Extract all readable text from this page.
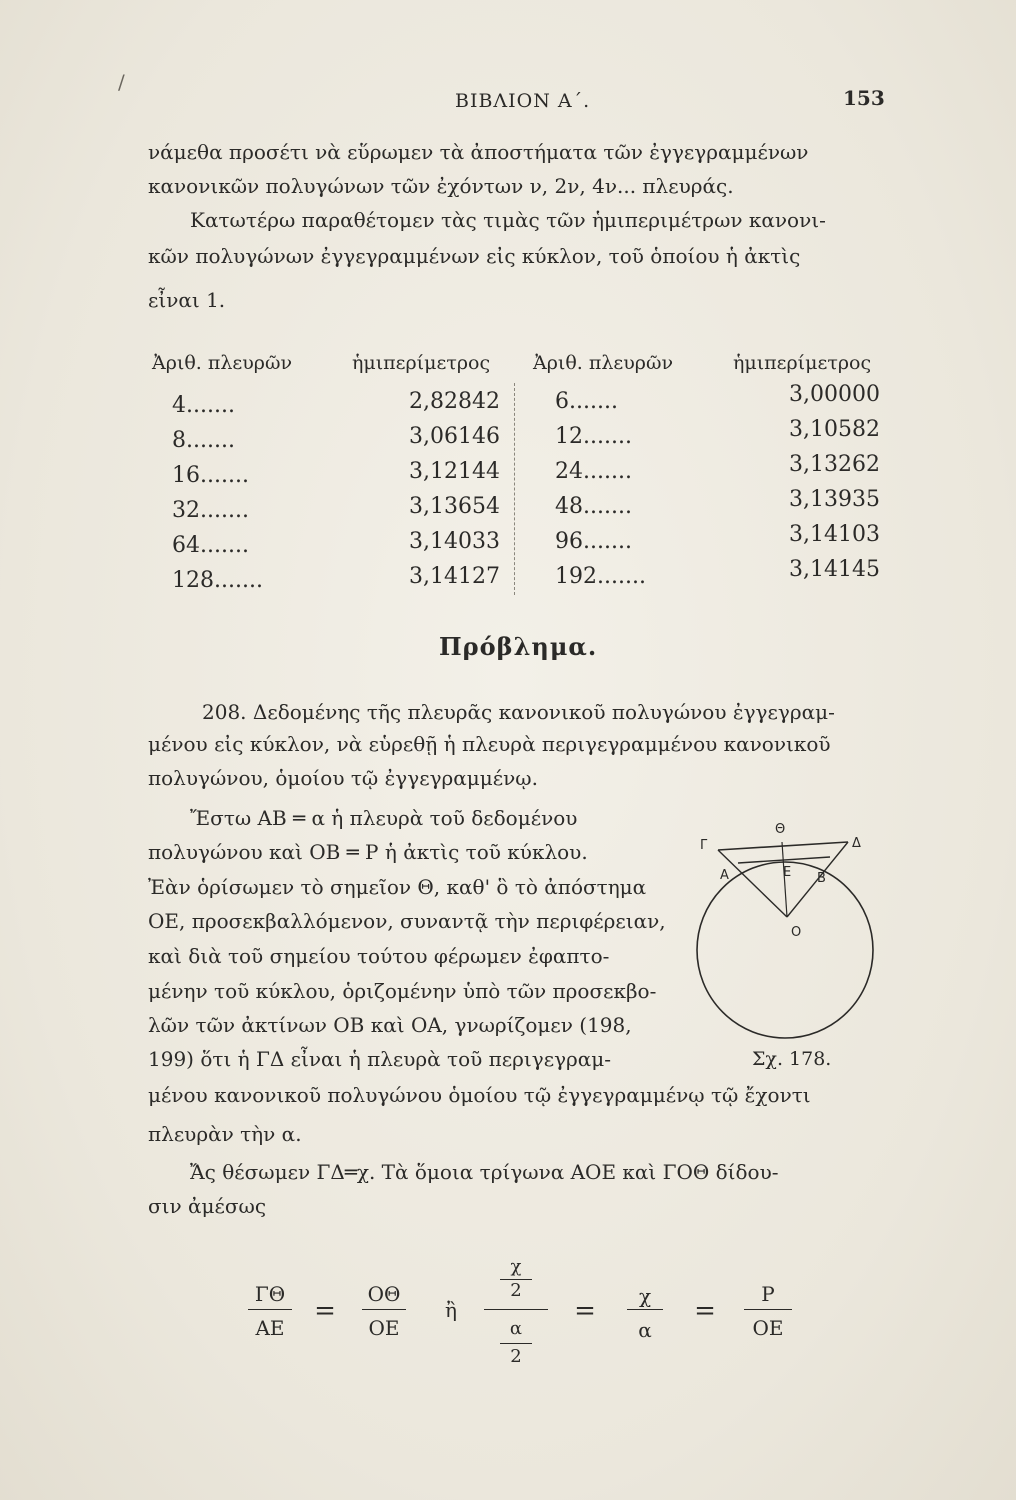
/
ΒΙΒΛΙΟΝ Α΄.	153
νάμεθα προσέτι νὰ εὕρωμεν τὰ ἀποστήματα τῶν ἐγγεγραμμένων
κανονικῶν πολυγώνων τῶν ἐχόντων ν, 2ν, 4ν... πλευράς.
Κατωτέρω παραθέτομεν τὰς τιμὰς τῶν ἡμιπεριμέτρων κανονι-
κῶν πολυγώνων ἐγγεγραμμένων εἰς κύκλον, τοῦ ὁποίου ἡ ἀκτὶς
εἶναι 1.
Ἀριθ. πλευρῶν	ἡμιπερίμετρος Ἀριθ. πλευρῶν	ἡμιπερίμετρος
4.......	2,82842	6.......	3,00000
8.......	3,06146	12.......	3,10582
16.......	3,12144	24.......	3,13262
32.......	3,13654	48.......	3,13935
64.......	3,14033	96.......	3,14103
128.......	3,14127	192.......	3,14145
Πρόβλημα.
208. Δεδομένης τῆς πλευρᾶς κανονικοῦ πολυγώνου ἐγγεγραμ-
μένου εἰς κύκλον, νὰ εὑρεθῇ ἡ πλευρὰ περιγεγραμμένου κανονικοῦ
πολυγώνου, ὁμοίου τῷ ἐγγεγραμμένῳ.
Ἔστω ΑΒ ═ α ἡ πλευρὰ τοῦ δεδομένου
πολυγώνου καὶ ΟΒ ═ Ρ ἡ ἀκτὶς τοῦ κύκλου.
Ἐὰν ὁρίσωμεν τὸ σημεῖον Θ, καθ' ὃ τὸ ἀπόστημα
ΟΕ, προσεκβαλλόμενον, συναντᾷ τὴν περιφέρειαν,
καὶ διὰ τοῦ σημείου τούτου φέρωμεν ἐφαπτο-
μένην τοῦ κύκλου, ὁριζομένην ὑπὸ τῶν προσεκβο-
λῶν τῶν ἀκτίνων ΟΒ καὶ ΟΑ, γνωρίζομεν (198,
199) ὅτι ἡ ΓΔ εἶναι ἡ πλευρὰ τοῦ περιγεγραμ-
μένου κανονικοῦ πολυγώνου ὁμοίου τῷ ἐγγεγραμμένῳ τῷ ἔχοντι
πλευρὰν τὴν α.
Ἄς θέσωμεν ΓΔ═χ. Τὰ ὅμοια τρίγωνα ΑΟΕ καὶ ΓΟΘ δίδου-
σιν ἀμέσως
Γ	Δ
Θ
Α	Ε Β
Ο
Σχ. 178.
ΓΘ
ΑΕ
=
ΟΘ
ΟΕ
ἢ
χ
2
α
2
=	χ
α
=
Ρ
ΟΕ
